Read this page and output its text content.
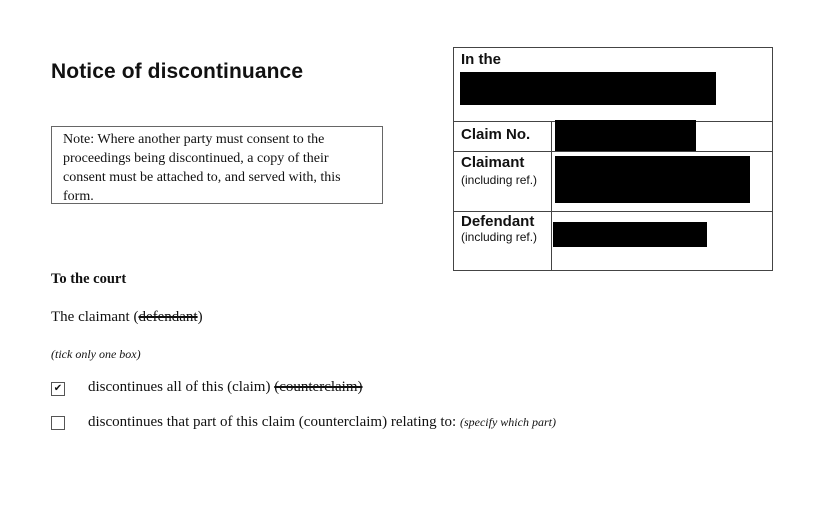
Notice of discontinuance
Note: Where another party must consent to the proceedings being discontinued, a copy of their consent must be attached to, and served with, this form.
In the
Claim No.
Claimant
(including ref.)
Defendant
(including ref.)
To the court
The claimant (defendant)
(tick only one box)
✔ discontinues all of this (claim) (counterclaim)
discontinues that part of this claim (counterclaim) relating to: (specify which part)
